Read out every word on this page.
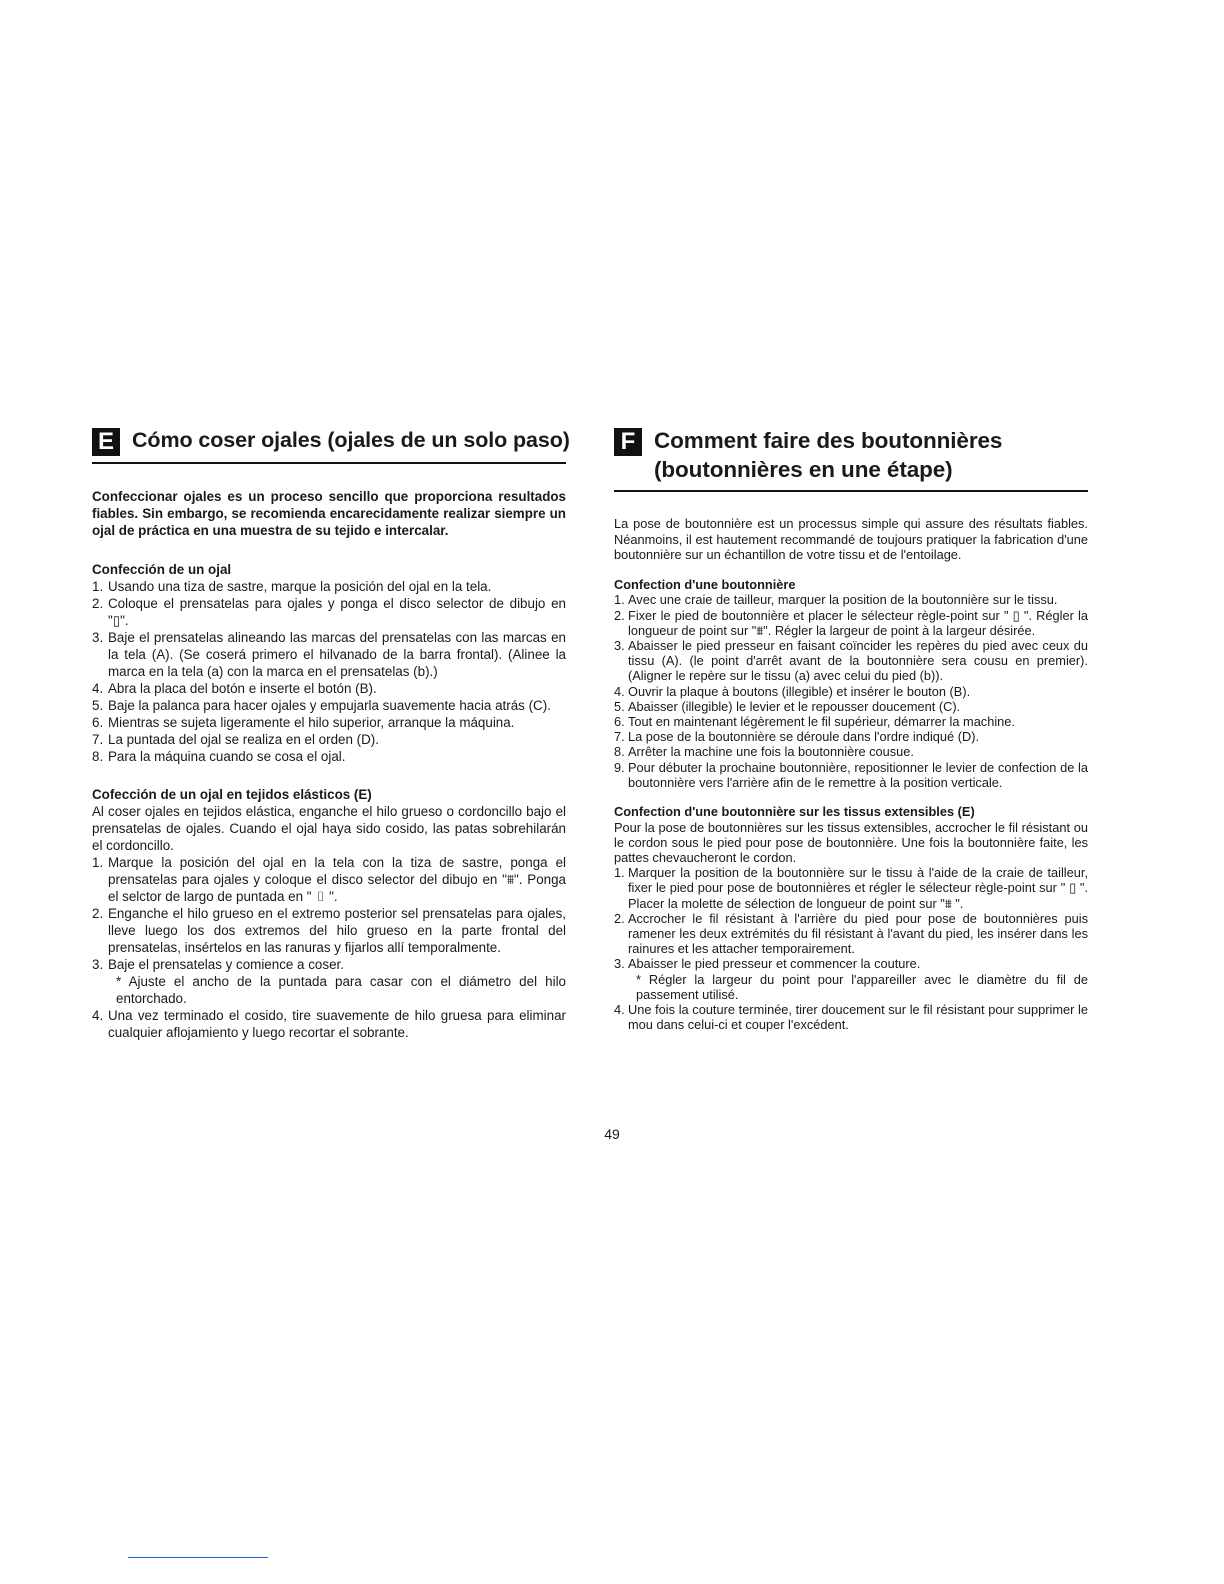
E Cómo coser ojales (ojales de un solo paso)

Confeccionar ojales es un proceso sencillo que proporciona resultados fiables. Sin embargo, se recomienda encarecidamente realizar siempre un ojal de práctica en una muestra de su tejido e intercalar.

Confección de un ojal
1. Usando una tiza de sastre, marque la posición del ojal en la tela.
2. Coloque el prensatelas para ojales y ponga el disco selector de dibujo en "▯".
3. Baje el prensatelas alineando las marcas del prensatelas con las marcas en la tela (A). (Se coserá primero el hilvanado de la barra frontal). (Alinee la marca en la tela (a) con la marca en el prensatelas (b).)
4. Abra la placa del botón e inserte el botón (B).
5. Baje la palanca para hacer ojales y empujarla suavemente hacia atrás (C).
6. Mientras se sujeta ligeramente el hilo superior, arranque la máquina.
7. La puntada del ojal se realiza en el orden (D).
8. Para la máquina cuando se cosa el ojal.
Cofección de un ojal en tejidos elásticos (E)

Al coser ojales en tejidos elástica, enganche el hilo grueso o cordoncillo bajo el prensatelas de ojales. Cuando el ojal haya sido cosido, las patas sobrehilarán el cordoncillo.

1. Marque la posición del ojal en la tela con la tiza de sastre, ponga el prensatelas para ojales y coloque el disco selector del dibujo en "⩩". Ponga el selctor de largo de puntada en " ▯ ".
2. Enganche el hilo grueso en el extremo posterior sel prensatelas para ojales, lleve luego los dos extremos del hilo grueso en la parte frontal del prensatelas, insértelos en las ranuras y fijarlos allí temporalmente.
3. Baje el prensatelas y comience a coser.
* Ajuste el ancho de la puntada para casar con el diámetro del hilo entorchado.
4. Una vez terminado el cosido, tire suavemente de hilo gruesa para eliminar cualquier aflojamiento y luego recortar el sobrante.
F Comment faire des boutonnières
(boutonnières en une étape)

La pose de boutonnière est un processus simple qui assure des résultats fiables. Néanmoins, il est hautement recommandé de toujours pratiquer la fabrication d'une boutonnière sur un échantillon de votre tissu et de l'entoilage.

Confection d'une boutonnière
1. Avec une craie de tailleur, marquer la position de la boutonnière sur le tissu.
2. Fixer le pied de boutonnière et placer le sélecteur règle-point sur " ▯ ". Régler la longueur de point sur "⩩". Régler la largeur de point à la largeur désirée.
3. Abaisser le pied presseur en faisant coïncider les repères du pied avec ceux du tissu (A). (le point d'arrêt avant de la boutonnière sera cousu en premier). (Aligner le repère sur le tissu (a) avec celui du pied (b)).
4. Ouvrir la plaque à boutons (illegible) et insérer le bouton (B).
5. Abaisser (illegible) le levier et le repousser doucement (C).
6. Tout en maintenant légèrement le fil supérieur, démarrer la machine.
7. La pose de la boutonnière se déroule dans l'ordre indiqué (D).
8. Arrêter la machine une fois la boutonnière cousue.
9. Pour débuter la prochaine boutonnière, repositionner le levier de confection de la boutonnière vers l'arrière afin de le remettre à la position verticale.
Confection d'une boutonnière sur les tissus extensibles (E)

Pour la pose de boutonnières sur les tissus extensibles, accrocher le fil résistant ou le cordon sous le pied pour pose de boutonnière. Une fois la boutonnière faite, les pattes chevaucheront le cordon.

1. Marquer la position de la boutonnière sur le tissu à l'aide de la craie de tailleur, fixer le pied pour pose de boutonnières et régler le sélecteur règle-point sur " ▯ ". Placer la molette de sélection de longueur de point sur "⩩ ".
2. Accrocher le fil résistant à l'arrière du pied pour pose de boutonnières puis ramener les deux extrémités du fil résistant à l'avant du pied, les insérer dans les rainures et les attacher temporairement.
3. Abaisser le pied presseur et commencer la couture.
* Régler la largeur du point pour l'appareiller avec le diamètre du fil de passement utilisé.
4. Une fois la couture terminée, tirer doucement sur le fil résistant pour supprimer le mou dans celui-ci et couper l'excédent.
49
